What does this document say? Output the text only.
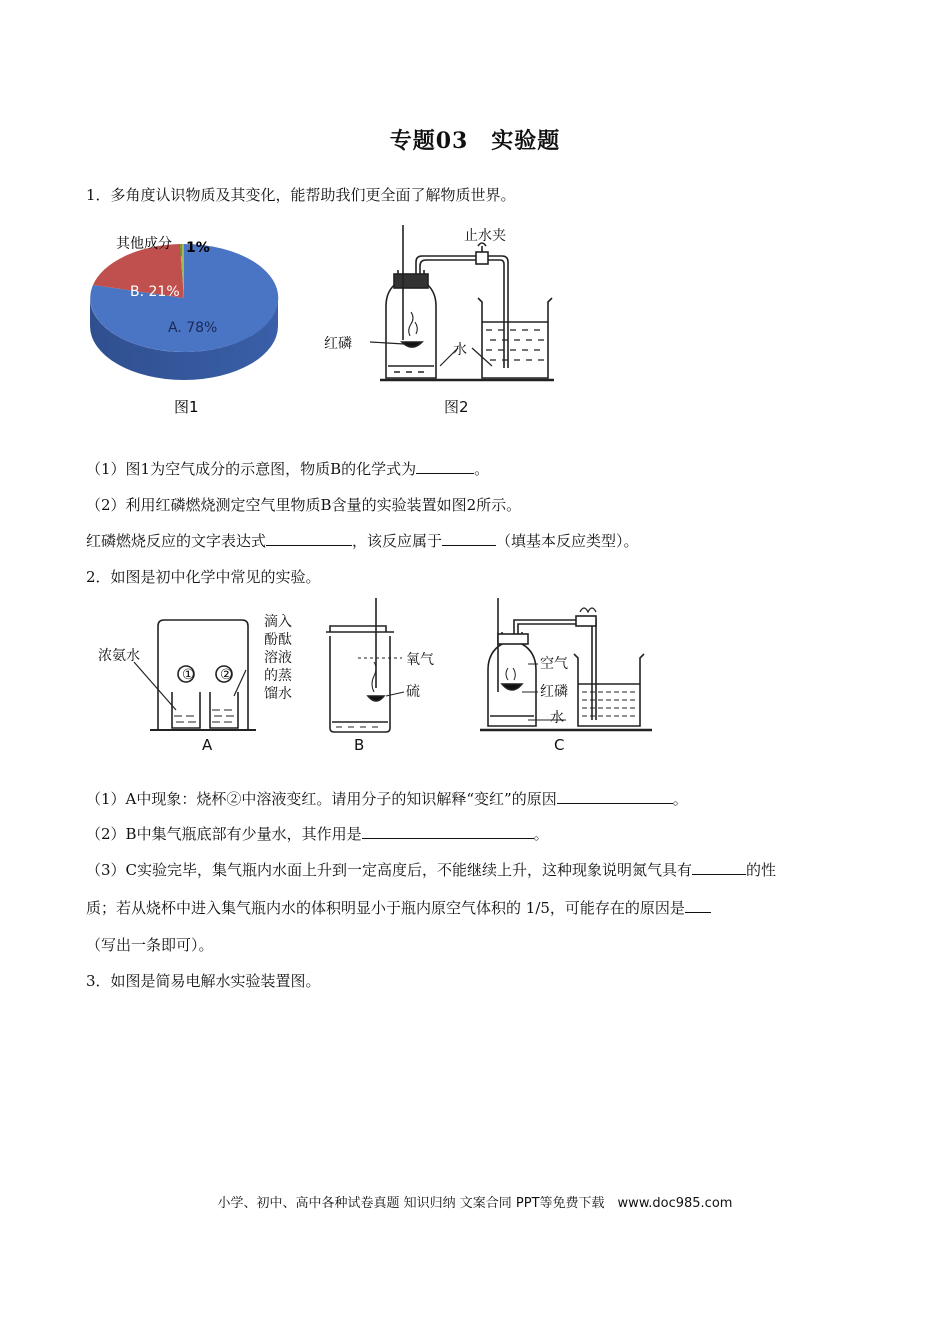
专题03　实验题
1．多角度认识物质及其变化，能帮助我们更全面了解物质世界。
其他成分 1%
B. 21%
A. 78%
图1
止水夹
红磷	水
图2
（1）图1为空气成分的示意图，物质B的化学式为	。
（2）利用红磷燃烧测定空气里物质B含量的实验装置如图2所示。
红磷燃烧反应的文字表达式	，该反应属于	（填基本反应类型）。
2．如图是初中化学中常见的实验。
① ②
浓氨水
滴入
酚酞
溶液
的蒸
馏水
A
氧气
硫
B
空气
红磷
水
C
（1）A中现象：烧杯②中溶液变红。请用分子的知识解释“变红”的原因	。
（2）B中集气瓶底部有少量水，其作用是	。
（3）C实验完毕，集气瓶内水面上升到一定高度后，不能继续上升，这种现象说明氮气具有	的性
质；若从烧杯中进入集气瓶内水的体积明显小于瓶内原空气体积的 1/5，可能存在的原因是
（写出一条即可）。
3．如图是简易电解水实验装置图。
小学、初中、高中各种试卷真题 知识归纳 文案合同 PPT等免费下载　www.doc985.com
